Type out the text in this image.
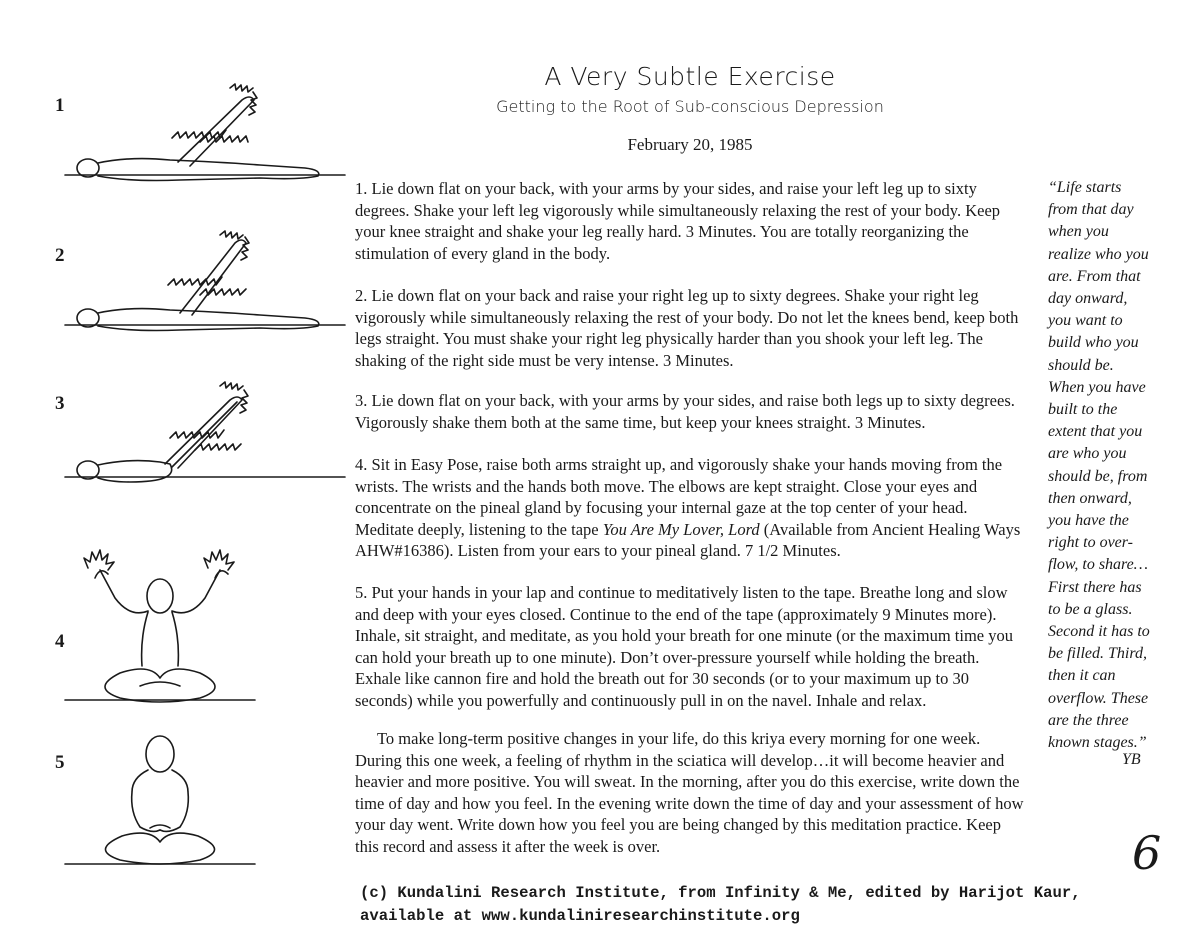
A Very Subtle Exercise
Getting to the Root of Sub-conscious Depression
February 20, 1985
1
2
3
4
5

1. Lie down flat on your back, with your arms by your sides, and raise your left leg up to sixty degrees. Shake your left leg vigorously while simultaneously relaxing the rest of your body. Keep your knee straight and shake your leg really hard. 3 Minutes. You are totally reorganizing the stimulation of every gland in the body.

2. Lie down flat on your back and raise your right leg up to sixty degrees. Shake your right leg vigorously while simultaneously relaxing the rest of your body. Do not let the knees bend, keep both legs straight. You must shake your right leg physically harder than you shook your left leg. The shaking of the right side must be very intense. 3 Minutes.

3. Lie down flat on your back, with your arms by your sides, and raise both legs up to sixty degrees. Vigorously shake them both at the same time, but keep your knees straight. 3 Minutes.

4. Sit in Easy Pose, raise both arms straight up, and vigorously shake your hands moving from the wrists. The wrists and the hands both move. The elbows are kept straight. Close your eyes and concentrate on the pineal gland by focusing your internal gaze at the top center of your head. Meditate deeply, listening to the tape You Are My Lover, Lord (Available from Ancient Healing Ways AHW#16386). Listen from your ears to your pineal gland. 7 1/2 Minutes.

5. Put your hands in your lap and continue to meditatively listen to the tape. Breathe long and slow and deep with your eyes closed. Continue to the end of the tape (approximately 9 Minutes more). Inhale, sit straight, and meditate, as you hold your breath for one minute (or the maximum time you can hold your breath up to one minute). Don’t over-pressure yourself while holding the breath. Exhale like cannon fire and hold the breath out for 30 seconds (or to your maximum up to 30 seconds) while you powerfully and continuously pull in on the navel. Inhale and relax.

To make long-term positive changes in your life, do this kriya every morning for one week. During this one week, a feeling of rhythm in the sciatica will develop…it will become heavier and heavier and more positive. You will sweat. In the morning, after you do this exercise, write down the time of day and how you feel. In the evening write down the time of day and your assessment of how your day went. Write down how you feel you are being changed by this meditation practice. Keep this record and assess it after the week is over.

“Life starts
from that day
when you
realize who you
are. From that
day onward,
you want to
build who you
should be.
When you have
built to the
extent that you
are who you
should be, from
then onward,
you have the
right to over-
flow, to share…
First there has
to be a glass.
Second it has to
be filled. Third,
then it can
overflow. These
are the three
known stages.”
YB
6
(c) Kundalini Research Institute, from Infinity & Me, edited by Harijot Kaur,
available at www.kundaliniresearchinstitute.org
